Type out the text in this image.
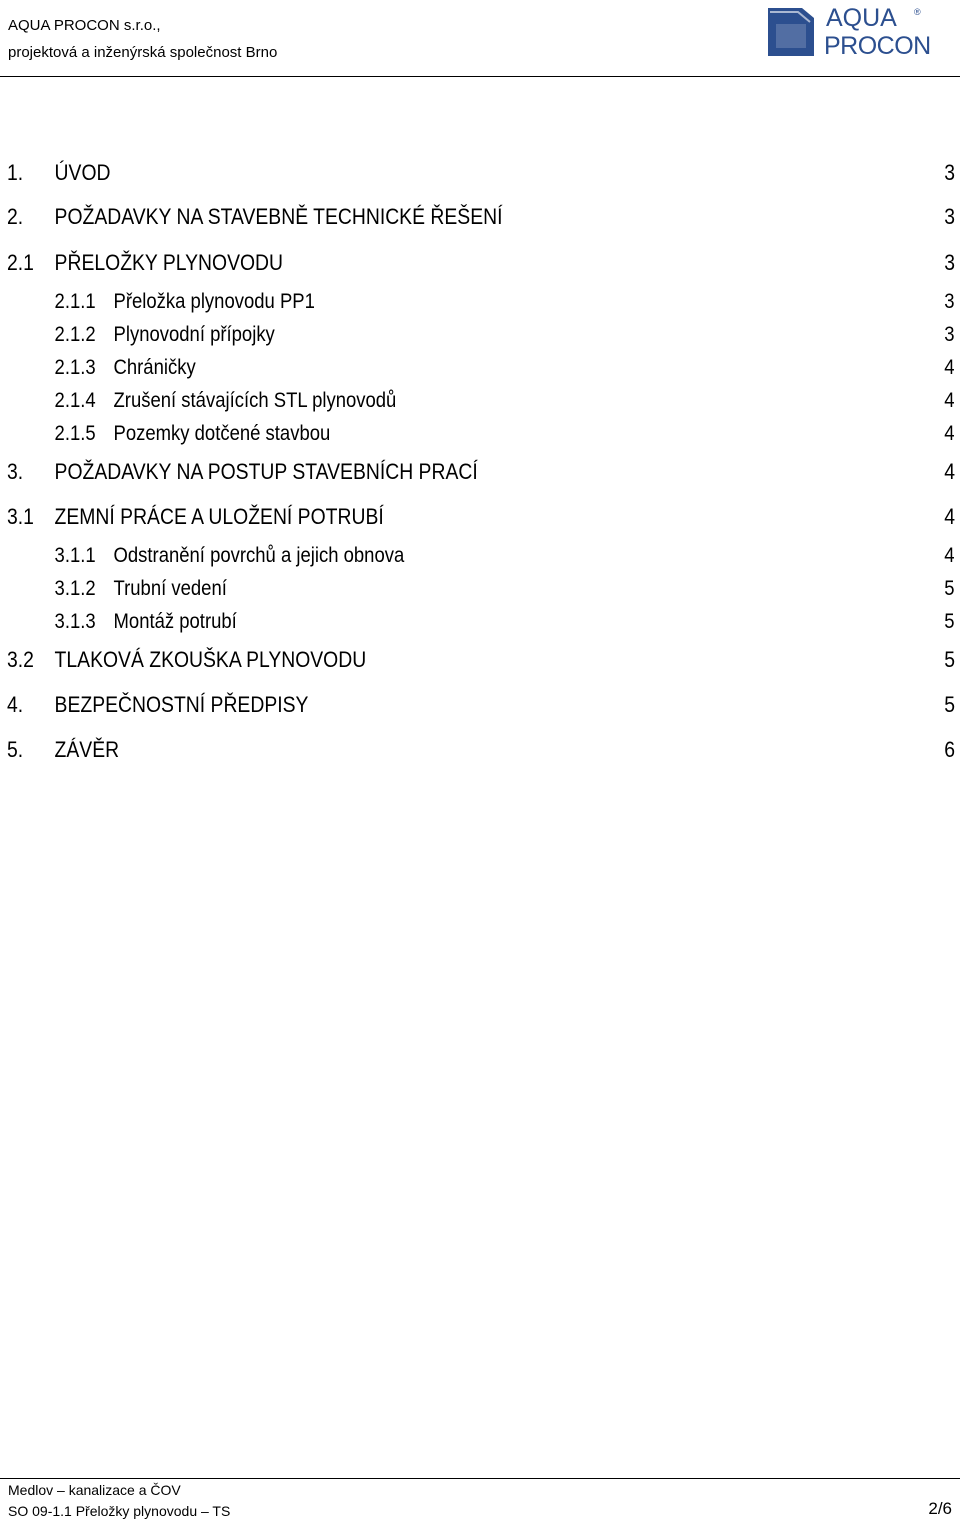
AQUA PROCON s.r.o.,
projektová a inženýrská společnost Brno
AQUA ®
PROCON
1. ÚVOD	3
2. POŽADAVKY NA STAVEBNĚ TECHNICKÉ ŘEŠENÍ	3
2.1 PŘELOŽKY PLYNOVODU	3
2.1.1 Přeložka plynovodu PP1	3
2.1.2 Plynovodní přípojky	3
2.1.3 Chráničky	4
2.1.4 Zrušení stávajících STL plynovodů	4
2.1.5 Pozemky dotčené stavbou	4
3. POŽADAVKY NA POSTUP STAVEBNÍCH PRACÍ	4
3.1 ZEMNÍ PRÁCE A ULOŽENÍ POTRUBÍ	4
3.1.1 Odstranění povrchů a jejich obnova	4
3.1.2 Trubní vedení	5
3.1.3 Montáž potrubí	5
3.2 TLAKOVÁ ZKOUŠKA PLYNOVODU	5
4. BEZPEČNOSTNÍ PŘEDPISY	5
5. ZÁVĚR	6
Medlov – kanalizace a ČOV
SO 09-1.1 Přeložky plynovodu – TS	2/6
